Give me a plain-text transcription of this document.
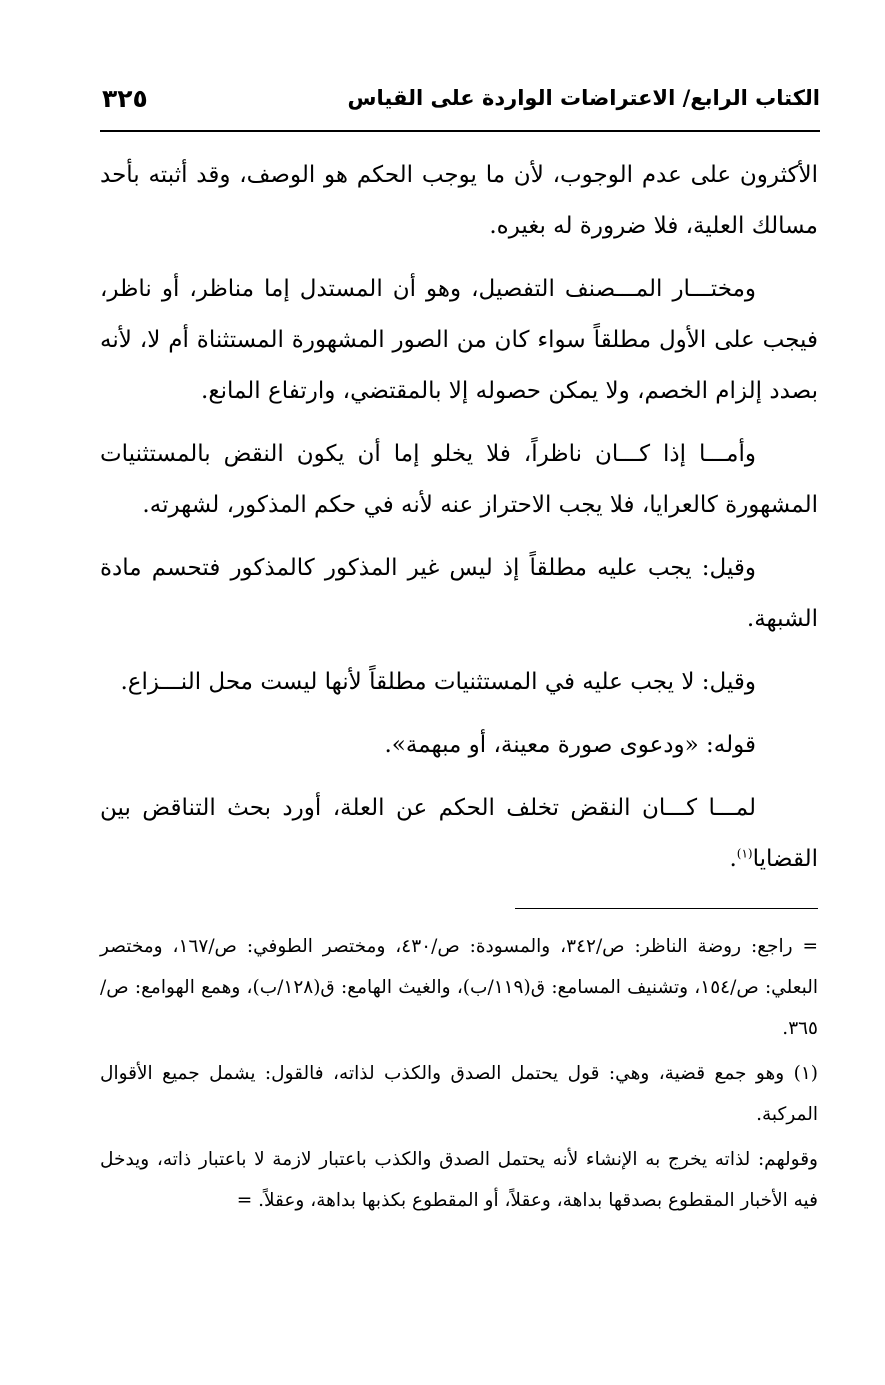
الكتاب الرابع/ الاعتراضات الواردة على القياس
٣٢٥

الأكثرون على عدم الوجوب، لأن ما يوجب الحكم هو الوصف، وقد أثبته بأحد مسالك العلية، فلا ضرورة له بغيره.

ومختـــار المـــصنف التفصيل، وهو أن المستدل إما مناظر، أو ناظر، فيجب على الأول مطلقاً سواء كان من الصور المشهورة المستثناة أم لا، لأنه بصدد إلزام الخصم، ولا يمكن حصوله إلا بالمقتضي، وارتفاع المانع.

وأمـــا إذا كـــان ناظراً، فلا يخلو إما أن يكون النقض بالمستثنيات المشهورة كالعرايا، فلا يجب الاحتراز عنه لأنه في حكم المذكور، لشهرته.

وقيل: يجب عليه مطلقاً إذ ليس غير المذكور كالمذكور فتحسم مادة الشبهة.

وقيل: لا يجب عليه في المستثنيات مطلقاً لأنها ليست محل النـــزاع.

قوله: «ودعوى صورة معينة، أو مبهمة».

لمـــا كـــان النقض تخلف الحكم عن العلة، أورد بحث التناقض بين القضايا$^{(١)}$.

= راجع: روضة الناظر: ص/٣٤٢، والمسودة: ص/٤٣٠، ومختصر الطوفي: ص/١٦٧، ومختصر البعلي: ص/١٥٤، وتشنيف المسامع: ق(١١٩/ب)، والغيث الهامع: ق(١٢٨/ب)، وهمع الهوامع: ص/٣٦٥.

(١) وهو جمع قضية، وهي: قول يحتمل الصدق والكذب لذاته، فالقول: يشمل جميع الأقوال المركبة.

وقولهم: لذاته يخرج به الإنشاء لأنه يحتمل الصدق والكذب باعتبار لازمة لا باعتبار ذاته، ويدخل فيه الأخبار المقطوع بصدقها بداهة، وعقلاً، أو المقطوع بكذبها بداهة، وعقلاً. =
